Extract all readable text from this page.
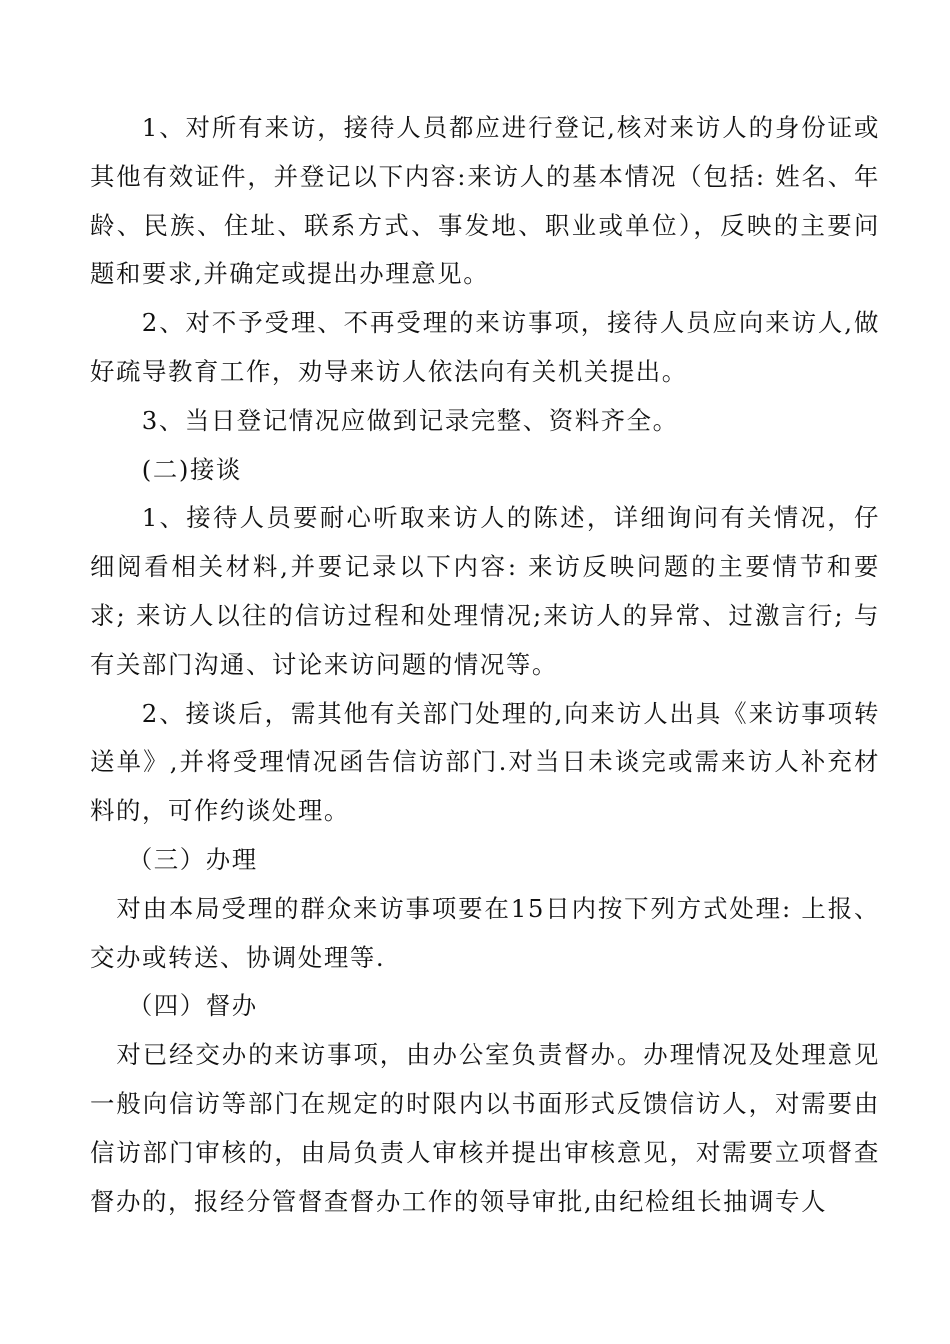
1、对所有来访，接待人员都应进行登记,核对来访人的身份证或其他有效证件，并登记以下内容:来访人的基本情况（包括: 姓名、年龄、民族、住址、联系方式、事发地、职业或单位），反映的主要问题和要求,并确定或提出办理意见。

2、对不予受理、不再受理的来访事项，接待人员应向来访人,做好疏导教育工作，劝导来访人依法向有关机关提出。

3、当日登记情况应做到记录完整、资料齐全。

(二)接谈

1、接待人员要耐心听取来访人的陈述，详细询问有关情况，仔细阅看相关材料,并要记录以下内容: 来访反映问题的主要情节和要求; 来访人以往的信访过程和处理情况;来访人的异常、过激言行; 与有关部门沟通、讨论来访问题的情况等。

2、接谈后，需其他有关部门处理的,向来访人出具《来访事项转送单》,并将受理情况函告信访部门.对当日未谈完或需来访人补充材料的，可作约谈处理。

（三）办理

对由本局受理的群众来访事项要在15日内按下列方式处理: 上报、交办或转送、协调处理等.

（四）督办

对已经交办的来访事项，由办公室负责督办。办理情况及处理意见一般向信访等部门在规定的时限内以书面形式反馈信访人，对需要由信访部门审核的，由局负责人审核并提出审核意见，对需要立项督查督办的，报经分管督查督办工作的领导审批,由纪检组长抽调专人
